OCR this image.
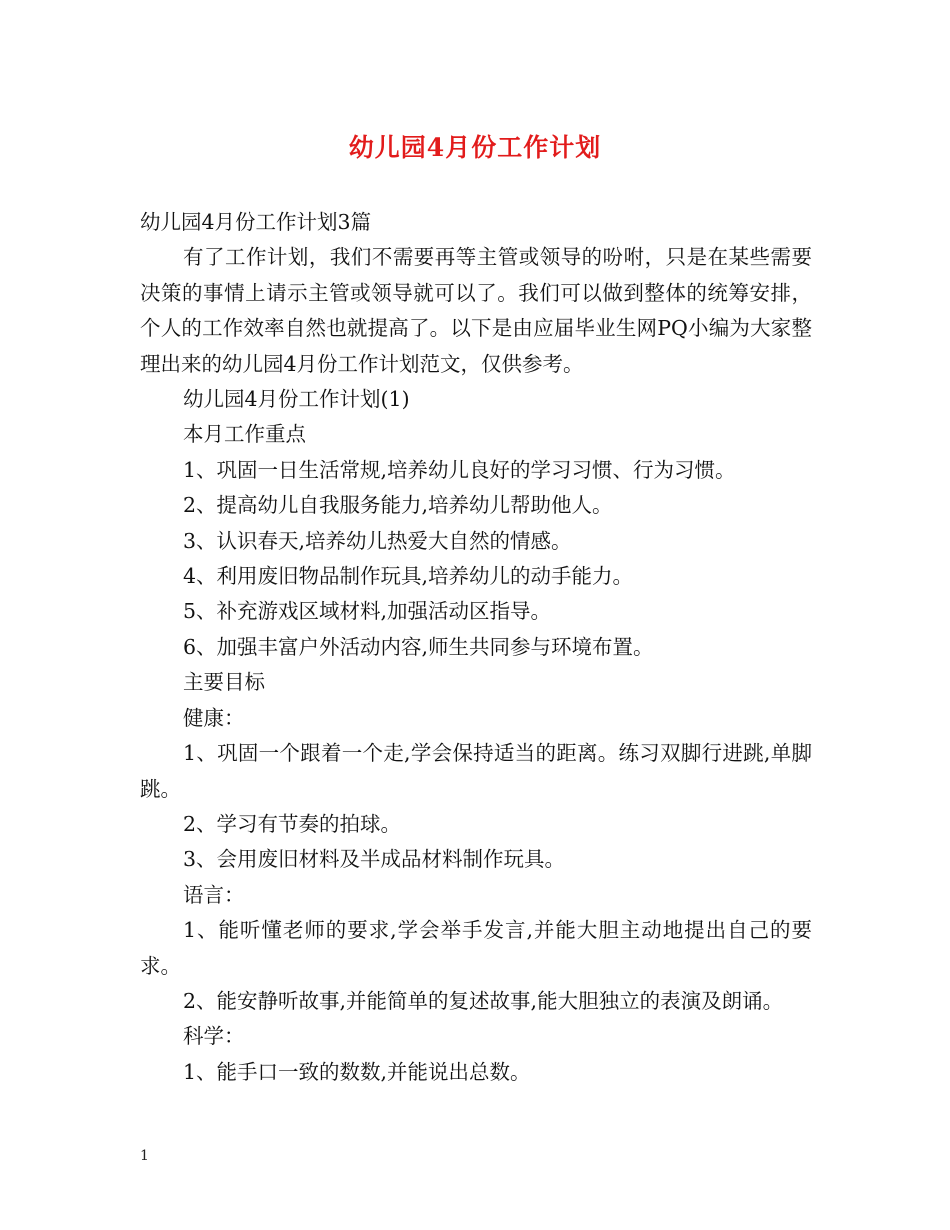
幼儿园4月份工作计划

幼儿园4月份工作计划3篇

有了工作计划，我们不需要再等主管或领导的吩咐，只是在某些需要决策的事情上请示主管或领导就可以了。我们可以做到整体的统筹安排，个人的工作效率自然也就提高了。以下是由应届毕业生网PQ小编为大家整理出来的幼儿园4月份工作计划范文，仅供参考。

幼儿园4月份工作计划(1)

本月工作重点

1、巩固一日生活常规,培养幼儿良好的学习习惯、行为习惯。

2、提高幼儿自我服务能力,培养幼儿帮助他人。

3、认识春天,培养幼儿热爱大自然的情感。

4、利用废旧物品制作玩具,培养幼儿的动手能力。

5、补充游戏区域材料,加强活动区指导。

6、加强丰富户外活动内容,师生共同参与环境布置。

主要目标

健康：

1、巩固一个跟着一个走,学会保持适当的距离。练习双脚行进跳,单脚跳。

2、学习有节奏的拍球。

3、会用废旧材料及半成品材料制作玩具。

语言：

1、能听懂老师的要求,学会举手发言,并能大胆主动地提出自己的要求。

2、能安静听故事,并能简单的复述故事,能大胆独立的表演及朗诵。

科学：

1、能手口一致的数数,并能说出总数。

1
